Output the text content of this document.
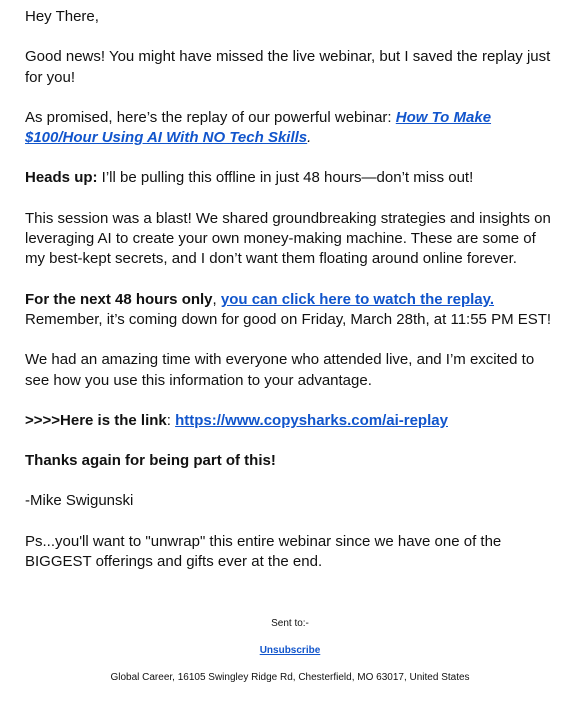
Hey There,

Good news! You might have missed the live webinar, but I saved the replay just for you!

As promised, here’s the replay of our powerful webinar: How To Make $100/Hour Using AI With NO Tech Skills.

Heads up: I’ll be pulling this offline in just 48 hours—don’t miss out!

This session was a blast! We shared groundbreaking strategies and insights on leveraging AI to create your own money-making machine. These are some of my best-kept secrets, and I don’t want them floating around online forever.

For the next 48 hours only, you can click here to watch the replay. Remember, it’s coming down for good on Friday, March 28th, at 11:55 PM EST!

We had an amazing time with everyone who attended live, and I’m excited to see how you use this information to your advantage.

>>>>Here is the link: https://www.copysharks.com/ai-replay

Thanks again for being part of this!

-Mike Swigunski

Ps...you'll want to "unwrap" this entire webinar since we have one of the BIGGEST offerings and gifts ever at the end.

Sent to:-
Unsubscribe
Global Career, 16105 Swingley Ridge Rd, Chesterfield, MO 63017, United States
